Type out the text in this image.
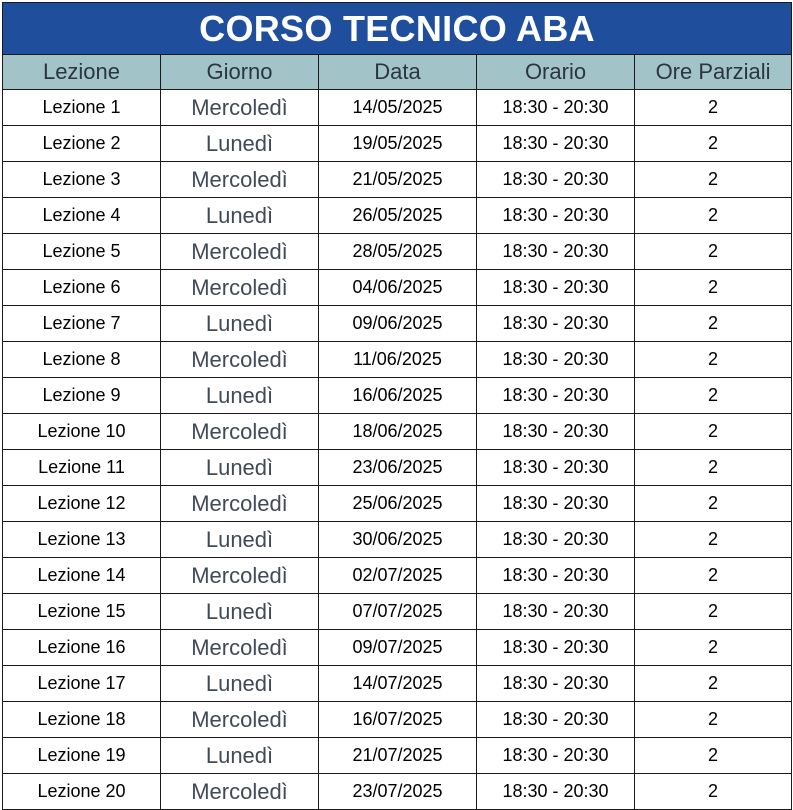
CORSO TECNICO ABA				
Lezione	Giorno	Data	Orario	Ore Parziali
Lezione 1	Mercoledì	14/05/2025	18:30 - 20:30	2
Lezione 2	Lunedì	19/05/2025	18:30 - 20:30	2
Lezione 3	Mercoledì	21/05/2025	18:30 - 20:30	2
Lezione 4	Lunedì	26/05/2025	18:30 - 20:30	2
Lezione 5	Mercoledì	28/05/2025	18:30 - 20:30	2
Lezione 6	Mercoledì	04/06/2025	18:30 - 20:30	2
Lezione 7	Lunedì	09/06/2025	18:30 - 20:30	2
Lezione 8	Mercoledì	11/06/2025	18:30 - 20:30	2
Lezione 9	Lunedì	16/06/2025	18:30 - 20:30	2
Lezione 10	Mercoledì	18/06/2025	18:30 - 20:30	2
Lezione 11	Lunedì	23/06/2025	18:30 - 20:30	2
Lezione 12	Mercoledì	25/06/2025	18:30 - 20:30	2
Lezione 13	Lunedì	30/06/2025	18:30 - 20:30	2
Lezione 14	Mercoledì	02/07/2025	18:30 - 20:30	2
Lezione 15	Lunedì	07/07/2025	18:30 - 20:30	2
Lezione 16	Mercoledì	09/07/2025	18:30 - 20:30	2
Lezione 17	Lunedì	14/07/2025	18:30 - 20:30	2
Lezione 18	Mercoledì	16/07/2025	18:30 - 20:30	2
Lezione 19	Lunedì	21/07/2025	18:30 - 20:30	2
Lezione 20	Mercoledì	23/07/2025	18:30 - 20:30	2
